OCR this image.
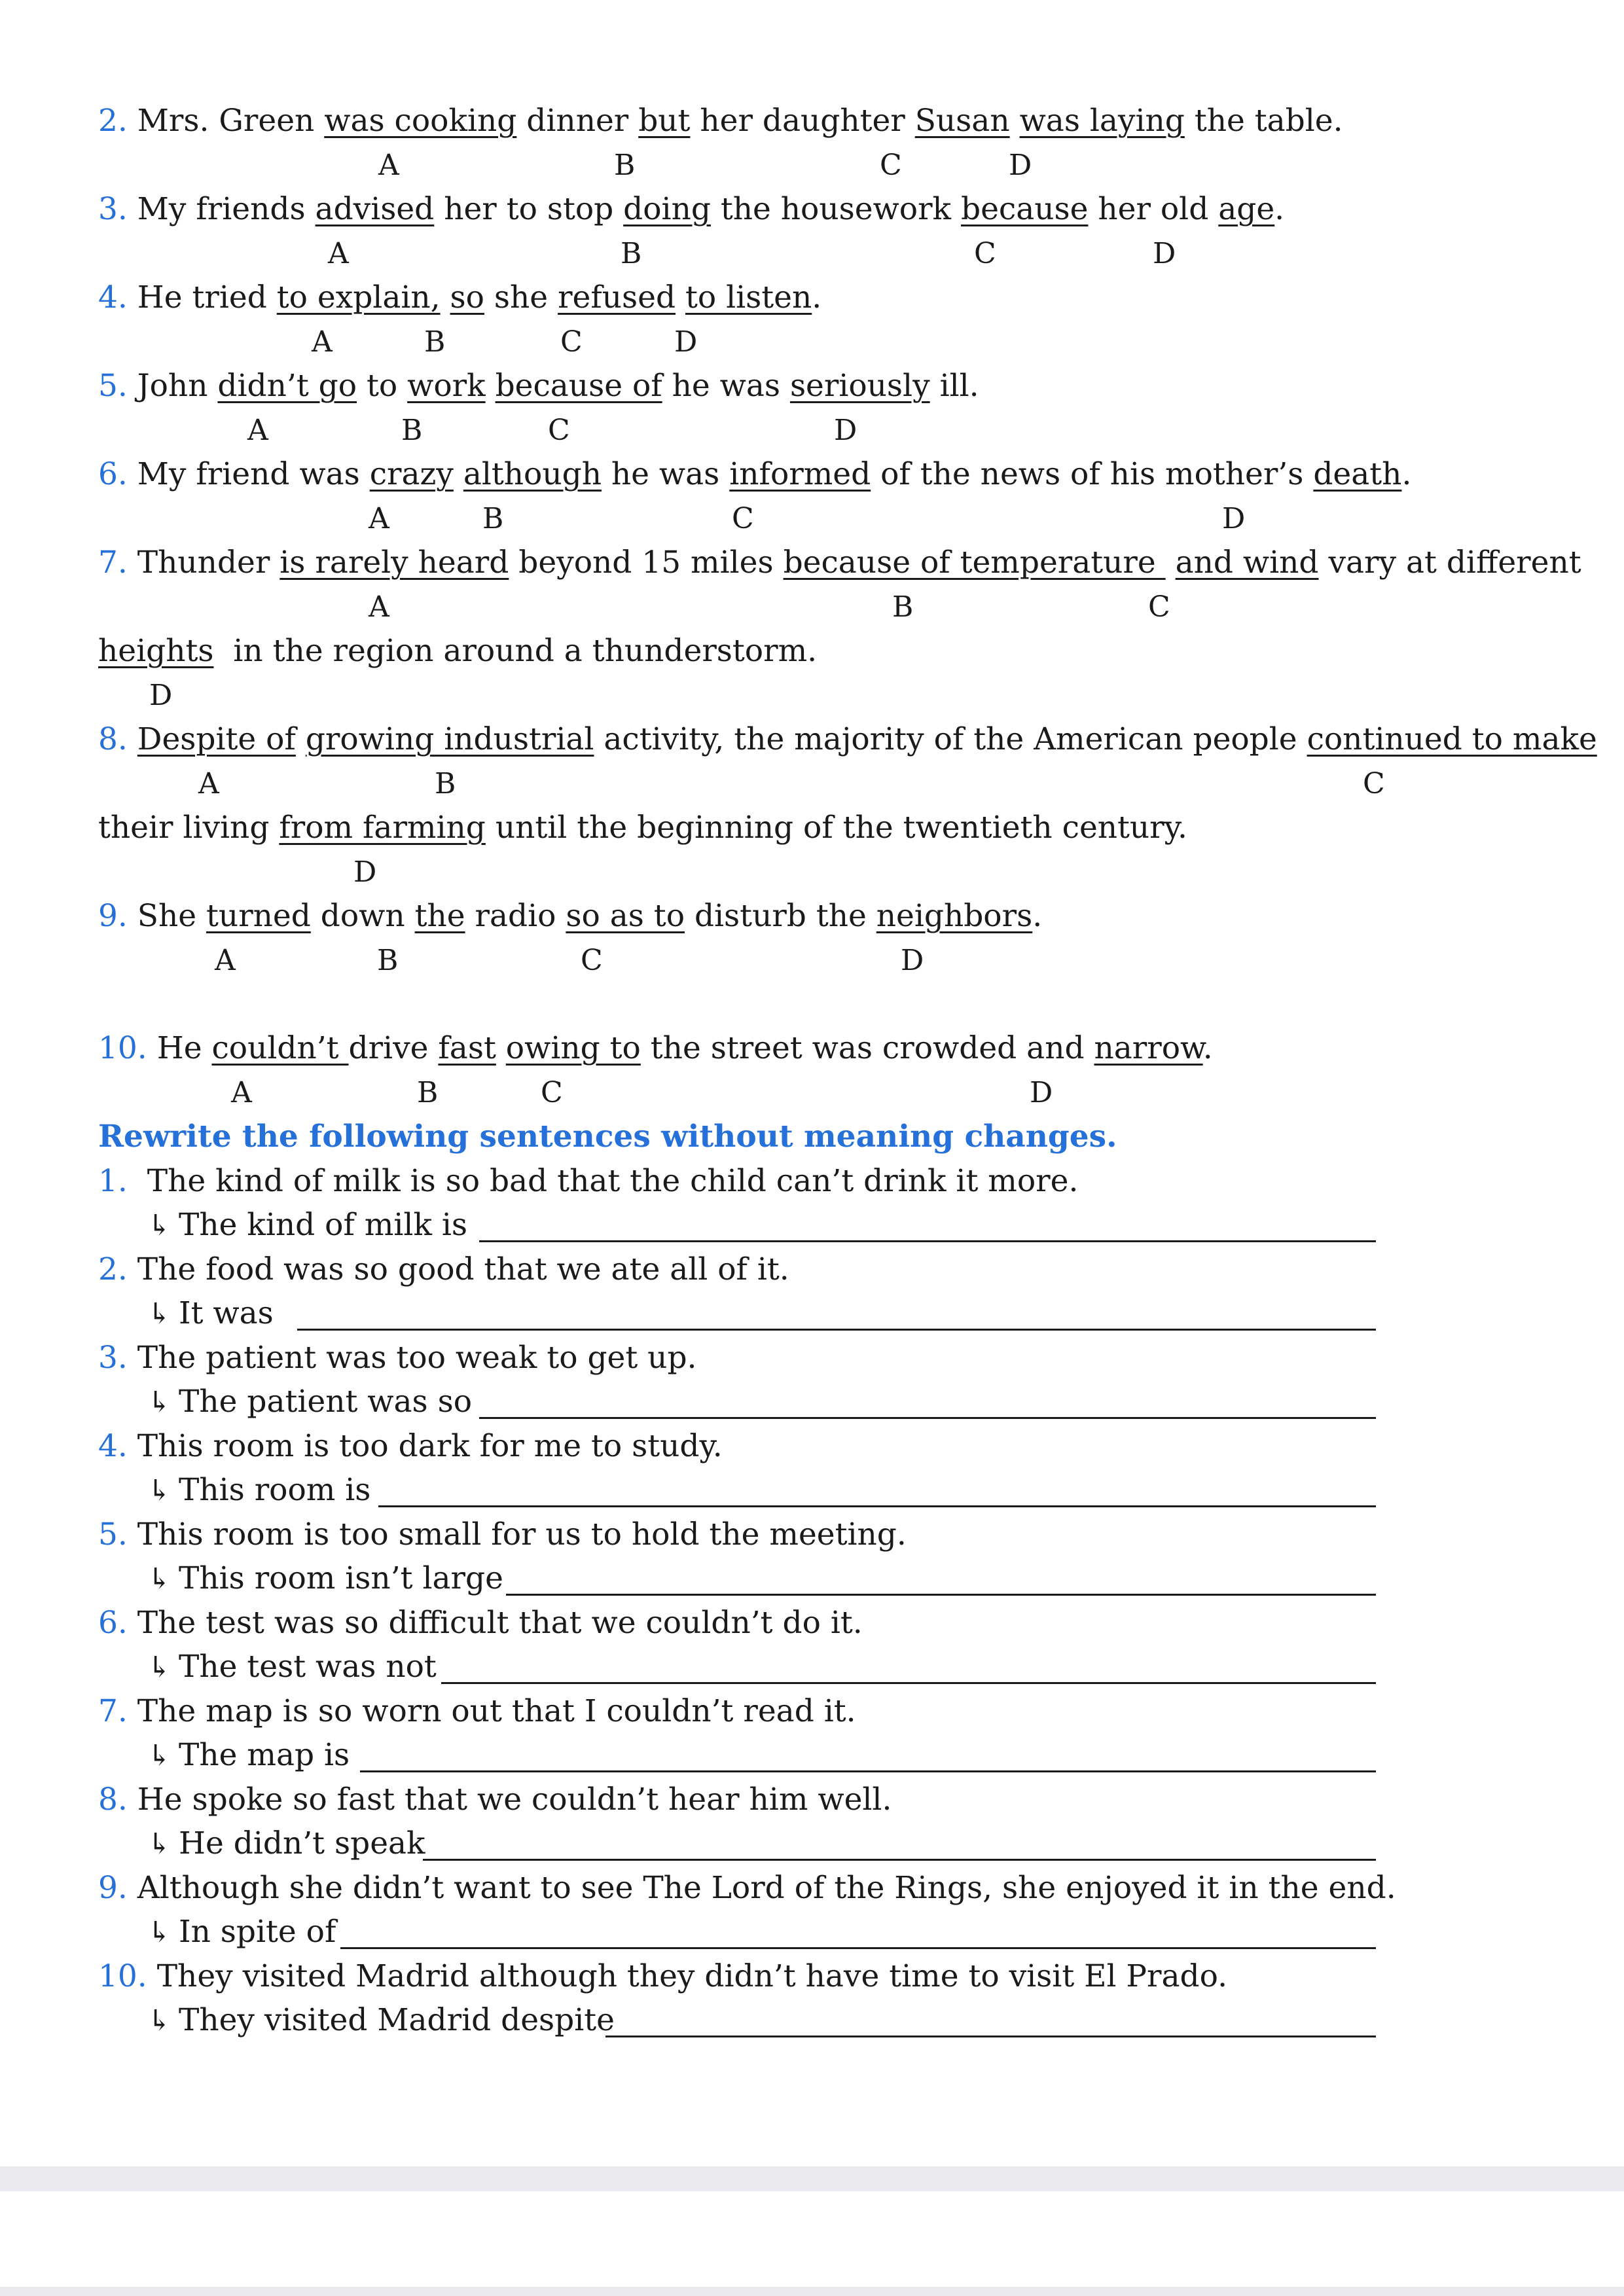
2. Mrs. Green was cooking dinner but her daughter Susan was laying the table.
A	B	C	D
3. My friends advised her to stop doing the housework because her old age.
A	B	C	D
4. He tried to explain, so she refused to listen.
A	B	C	D
5. John didn’t go to work because of he was seriously ill.
A	B	C	D
6. My friend was crazy although he was informed of the news of his mother’s death.
A	B	C	D
7. Thunder is rarely heard beyond 15 miles because of temperature  and wind vary at different
A	B	C
heights  in the region around a thunderstorm.
D
8. Despite of growing industrial activity, the majority of the American people continued to make
A	B	C
their living from farming until the beginning of the twentieth century.
D
9. She turned down the radio so as to disturb the neighbors.
A	B	C	D
10. He couldn’t drive fast owing to the street was crowded and narrow.
A	B	C	D
Rewrite the following sentences without meaning changes.
1. The kind of milk is so bad that the child can’t drink it more.
↳ The kind of milk is
2. The food was so good that we ate all of it.
↳ It was
3. The patient was too weak to get up.
↳ The patient was so
4. This room is too dark for me to study.
↳ This room is
5. This room is too small for us to hold the meeting.
↳ This room isn’t large
6. The test was so difficult that we couldn’t do it.
↳ The test was not
7. The map is so worn out that I couldn’t read it.
↳ The map is
8. He spoke so fast that we couldn’t hear him well.
↳ He didn’t speak
9. Although she didn’t want to see The Lord of the Rings, she enjoyed it in the end.
↳ In spite of
10. They visited Madrid although they didn’t have time to visit El Prado.
↳ They visited Madrid despite
